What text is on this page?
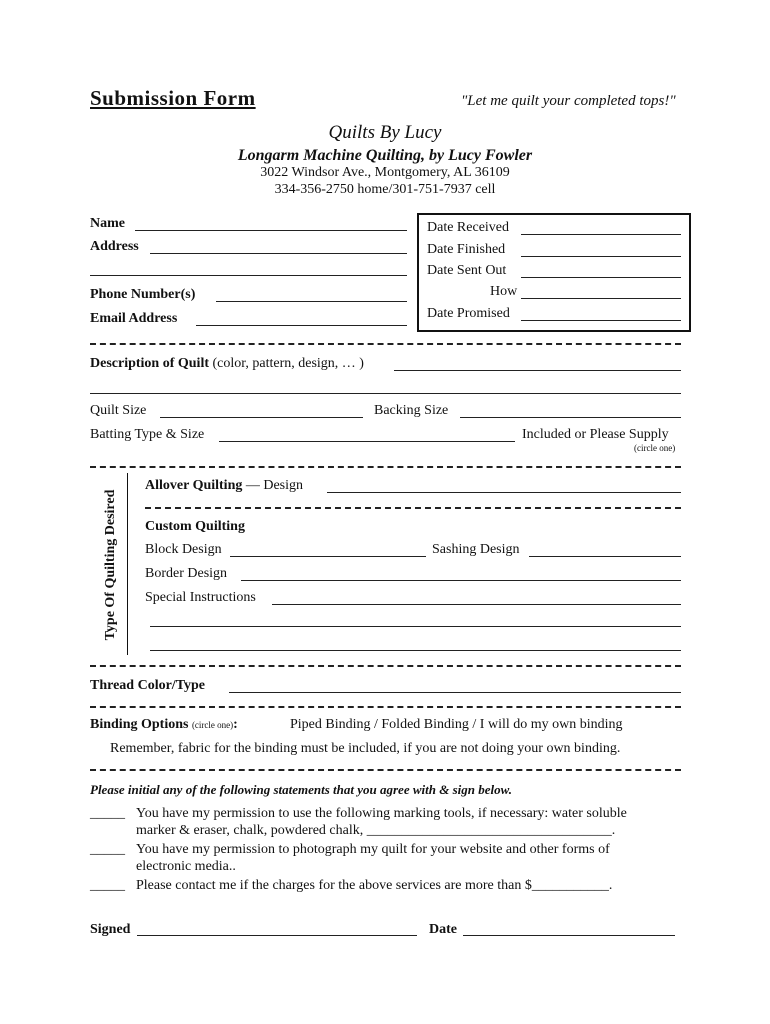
Submission Form	"Let me quilt your completed tops!"
Quilts By Lucy
Longarm Machine Quilting, by Lucy Fowler
3022 Windsor Ave., Montgomery, AL 36109
334-356-2750 home/301-751-7937 cell
Name
Address
Phone Number(s)
Email Address
Date Received
Date Finished
Date Sent Out
How
Date Promised
Description of Quilt (color, pattern, design, … )
Quilt Size	Backing Size
Batting Type & Size	Included or Please Supply
(circle one)
Type Of Quilting Desired
Allover Quilting — Design
Custom Quilting
Block Design	Sashing Design
Border Design
Special Instructions
Thread Color/Type
Binding Options (circle one):	Piped Binding / Folded Binding / I will do my own binding
Remember, fabric for the binding must be included, if you are not doing your own binding.
Please initial any of the following statements that you agree with & sign below.
_____ You have my permission to use the following marking tools, if necessary: water soluble
marker & eraser, chalk, powdered chalk, ___________________________________.
_____ You have my permission to photograph my quilt for your website and other forms of
electronic media..
_____ Please contact me if the charges for the above services are more than $___________.
Signed	Date
